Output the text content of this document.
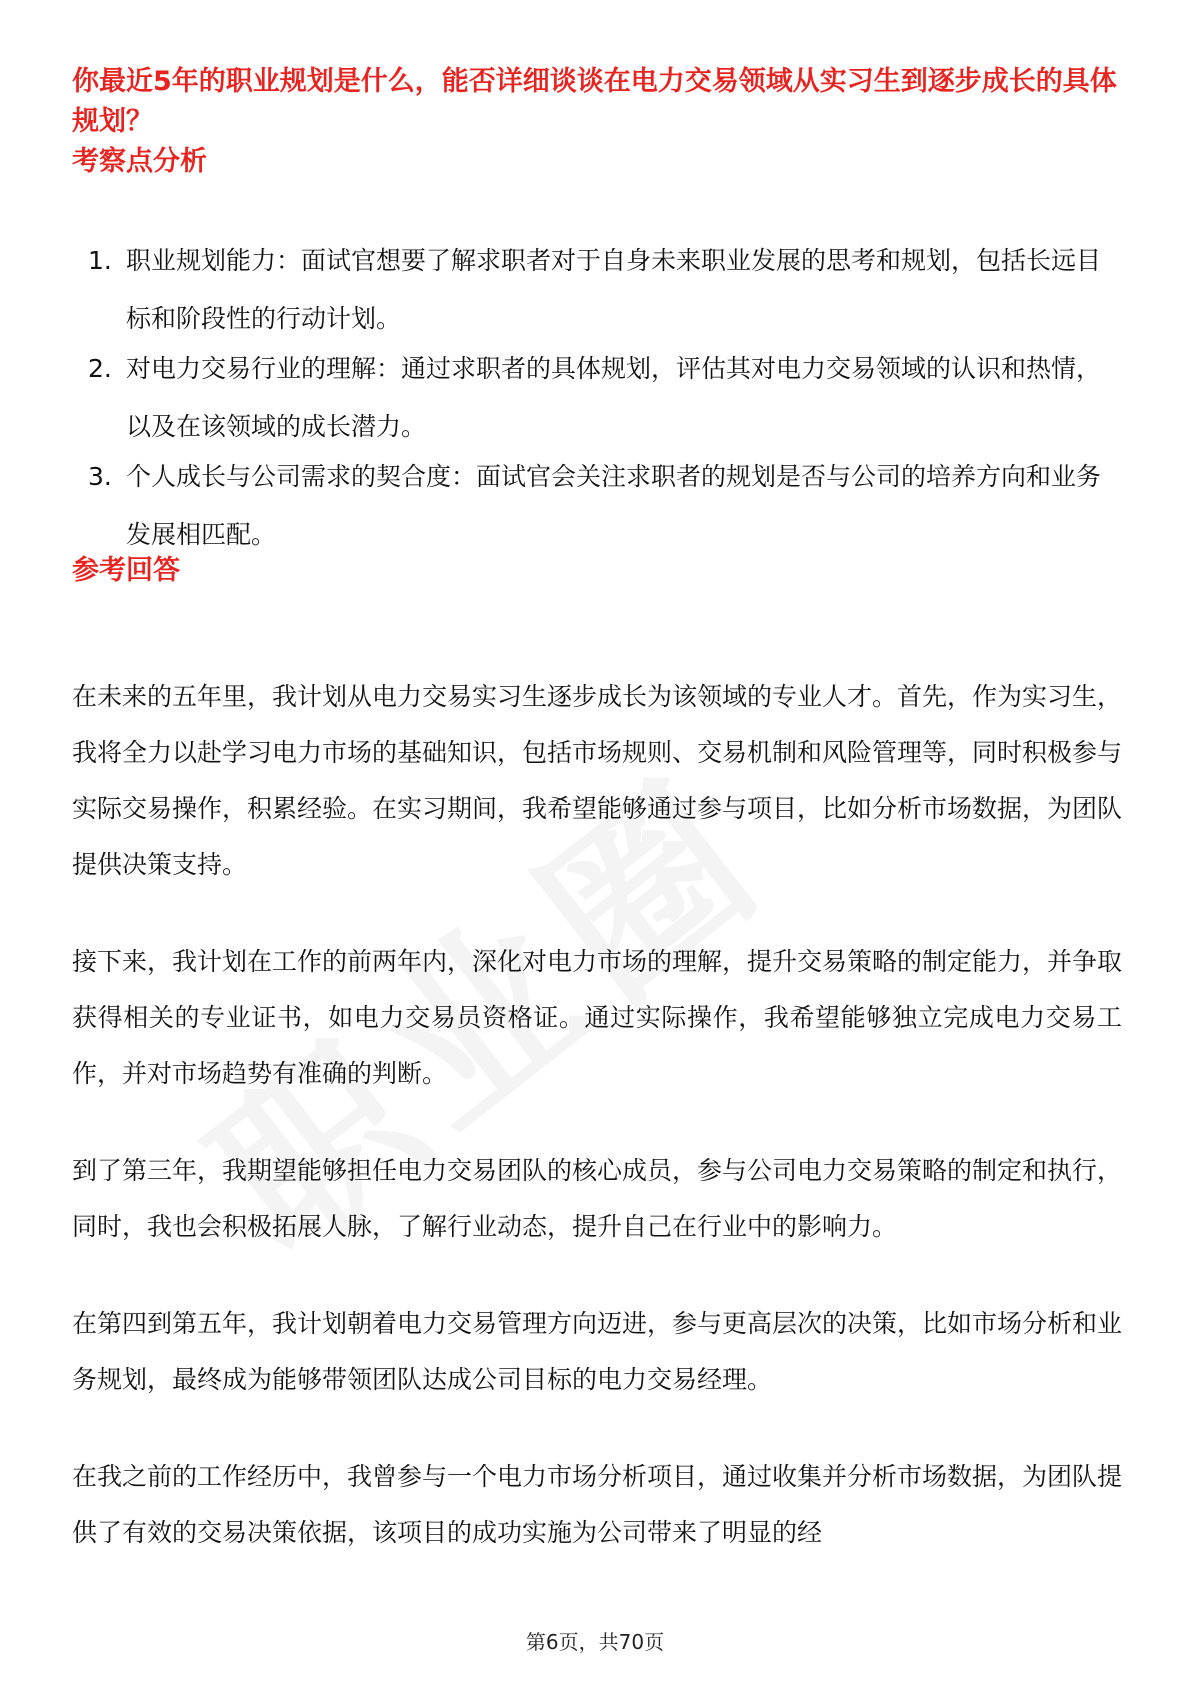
你最近5年的职业规划是什么，能否详细谈谈在电力交易领域从实习生到逐步成长的具体规划？
考察点分析
1. 职业规划能力：面试官想要了解求职者对于自身未来职业发展的思考和规划，包括长远目标和阶段性的行动计划。
2. 对电力交易行业的理解：通过求职者的具体规划，评估其对电力交易领域的认识和热情，以及在该领域的成长潜力。
3. 个人成长与公司需求的契合度：面试官会关注求职者的规划是否与公司的培养方向和业务发展相匹配。
参考回答

在未来的五年里，我计划从电力交易实习生逐步成长为该领域的专业人才。首先，作为实习生，我将全力以赴学习电力市场的基础知识，包括市场规则、交易机制和风险管理等，同时积极参与实际交易操作，积累经验。在实习期间，我希望能够通过参与项目，比如分析市场数据，为团队提供决策支持。

接下来，我计划在工作的前两年内，深化对电力市场的理解，提升交易策略的制定能力，并争取获得相关的专业证书，如电力交易员资格证。通过实际操作，我希望能够独立完成电力交易工作，并对市场趋势有准确的判断。

到了第三年，我期望能够担任电力交易团队的核心成员，参与公司电力交易策略的制定和执行，同时，我也会积极拓展人脉，了解行业动态，提升自己在行业中的影响力。

在第四到第五年，我计划朝着电力交易管理方向迈进，参与更高层次的决策，比如市场分析和业务规划，最终成为能够带领团队达成公司目标的电力交易经理。

在我之前的工作经历中，我曾参与一个电力市场分析项目，通过收集并分析市场数据，为团队提供了有效的交易决策依据，该项目的成功实施为公司带来了明显的经

第6页，共70页
